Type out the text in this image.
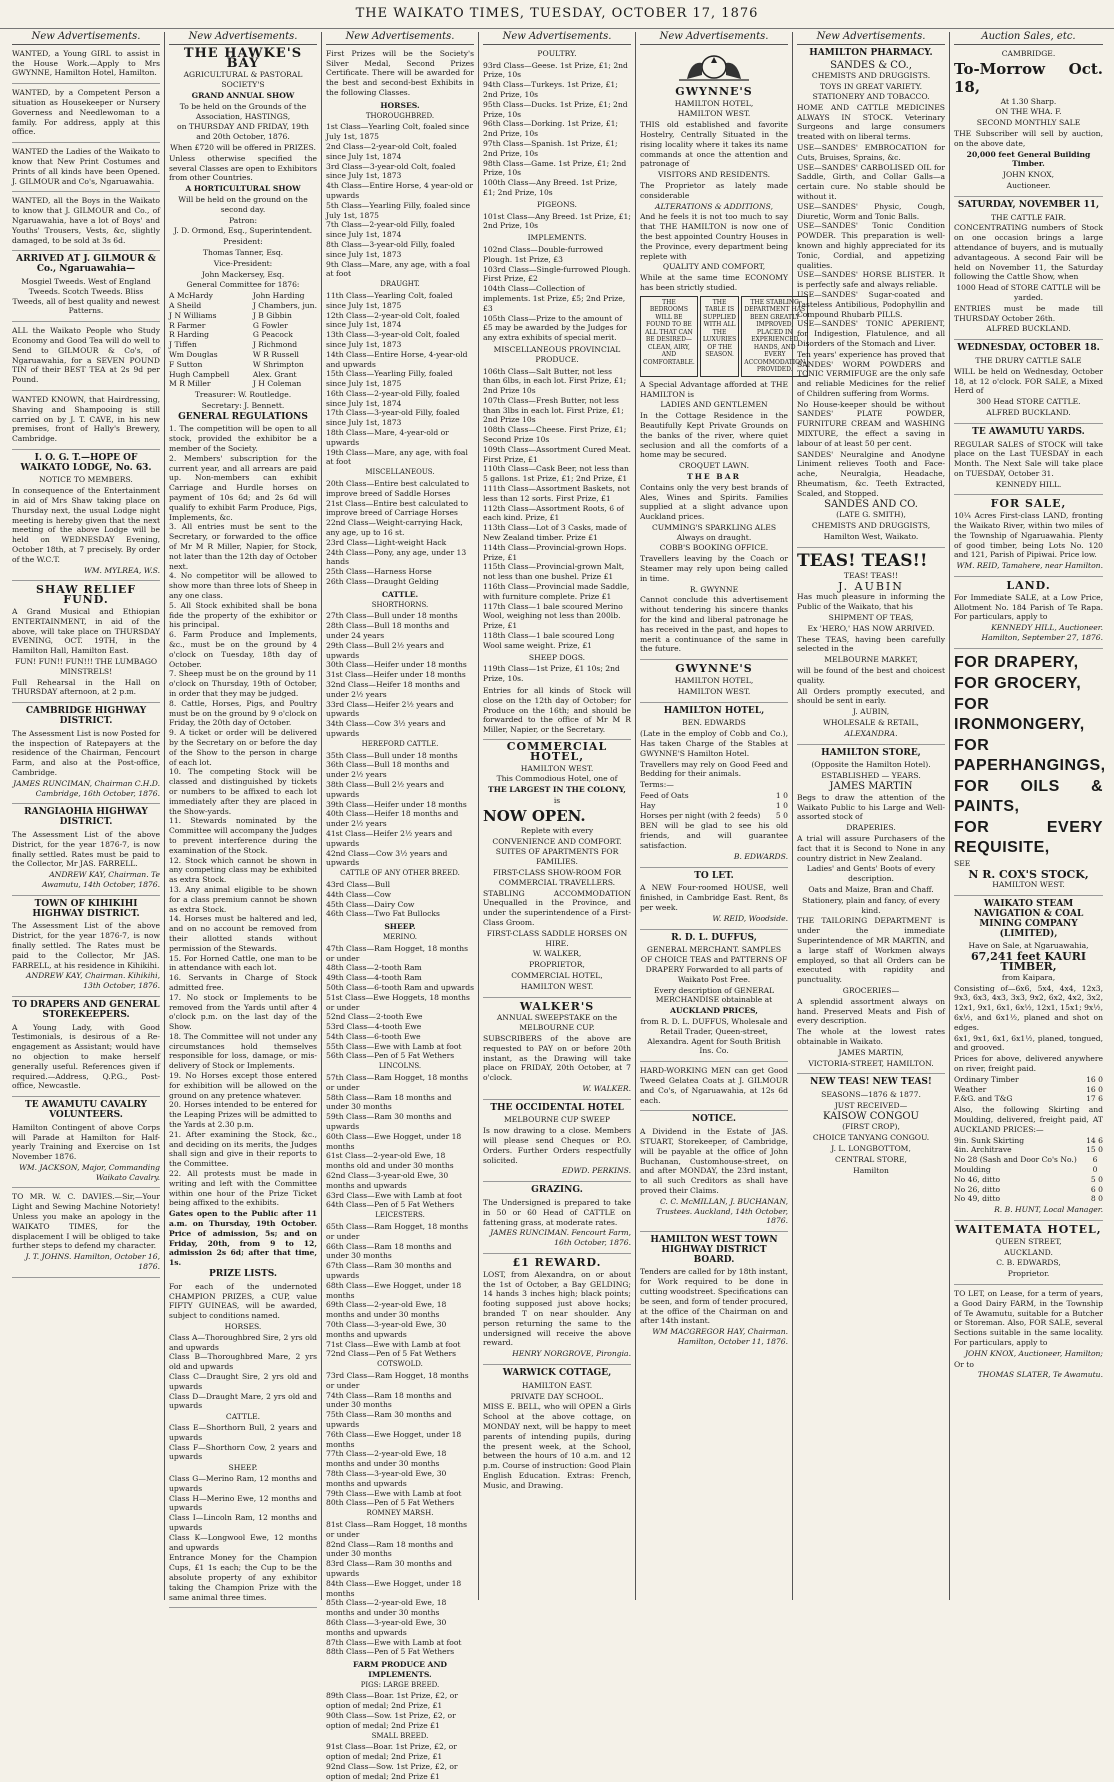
THE WAIKATO TIMES, TUESDAY, OCTOBER 17, 1876
New Advertisements.

WANTED, a Young GIRL to assist in the House Work.—Apply to Mrs GWYNNE, Hamilton Hotel, Hamilton.

WANTED, by a Competent Person a situation as Housekeeper or Nursery Governess and Needlewoman to a family. For address, apply at this office.

WANTED the Ladies of the Waikato to know that New Print Costumes and Prints of all kinds have been Opened. J. GILMOUR and Co's, Ngaruawahia.

WANTED, all the Boys in the Waikato to know that J. GILMOUR and Co., of Ngaruawahia, have a lot of Boys' and Youths' Trousers, Vests, &c, slightly damaged, to be sold at 3s 6d.

ARRIVED AT J. GILMOUR & Co., Ngaruawahia—

Mosgiel Tweeds. West of England Tweeds. Scotch Tweeds. Bliss Tweeds, all of best quality and newest Patterns.

ALL the Waikato People who Study Economy and Good Tea will do well to Send to GILMOUR & Co's, of Ngaruawahia, for a SEVEN POUND TIN of their BEST TEA at 2s 9d per Pound.

WANTED KNOWN, that Hairdressing, Shaving and Shampooing is still carried on by J. T. CAVE, in his new premises, front of Hally's Brewery, Cambridge.

I. O. G. T.—HOPE OF WAIKATO LODGE, No. 63.

NOTICE TO MEMBERS.

In consequence of the Entertainment in aid of Mrs Shaw taking place on Thursday next, the usual Lodge night meeting is hereby given that the next meeting of the above Lodge will be held on WEDNESDAY Evening, October 18th, at 7 precisely. By order of the W.C.T.

WM. MYLREA, W.S.

SHAW RELIEF FUND.

A Grand Musical and Ethiopian ENTERTAINMENT, in aid of the above, will take place on THURSDAY EVENING, OCT. 19TH, in the Hamilton Hall, Hamilton East.

FUN! FUN!! FUN!!! THE LUMBAGO MINSTRELS!

Full Rehearsal in the Hall on THURSDAY afternoon, at 2 p.m.

CAMBRIDGE HIGHWAY DISTRICT.

The Assessment List is now Posted for the inspection of Ratepayers at the residence of the Chairman, Fencourt Farm, and also at the Post-office, Cambridge.

JAMES RUNCIMAN, Chairman C.H.D. Cambridge, 16th October, 1876.

RANGIAOHIA HIGHWAY DISTRICT.

The Assessment List of the above District, for the year 1876-7, is now finally settled. Rates must be paid to the Collector, Mr JAS. FARRELL.

ANDREW KAY, Chairman. Te Awamutu, 14th October, 1876.

TOWN OF KIHIKIHI HIGHWAY DISTRICT.

The Assessment List of the above District, for the year 1876-7, is now finally settled. The Rates must be paid to the Collector, Mr JAS. FARRELL, at his residence in Kihikihi.

ANDREW KAY, Chairman. Kihikihi, 13th October, 1876.

TO DRAPERS AND GENERAL STOREKEEPERS.

A Young Lady, with Good Testimonials, is desirous of a Re-engagement as Assistant; would have no objection to make herself generally useful. References given if required.—Address, Q.P.G., Post-office, Newcastle.

TE AWAMUTU CAVALRY VOLUNTEERS.

Hamilton Contingent of above Corps will Parade at Hamilton for Half-yearly Training and Exercise on 1st November 1876.

WM. JACKSON, Major, Commanding Waikato Cavalry.

TO MR. W. C. DAVIES.—Sir,—Your Light and Sewing Machine Notoriety! Unless you make an apology in the WAIKATO TIMES, for the displacement I will be obliged to take further steps to defend my character.

J. T. JOHNS. Hamilton, October 16, 1876.

New Advertisements.
THE HAWKE'S BAY

AGRICULTURAL & PASTORAL SOCIETY'S

GRAND ANNUAL SHOW

To be held on the Grounds of the Association, HASTINGS,

on THURSDAY AND FRIDAY, 19th and 20th October, 1876.

When £720 will be offered in PRIZES.

Unless otherwise specified the several Classes are open to Exhibitors from other Countries.

A HORTICULTURAL SHOW

Will be held on the ground on the second day.

Patron:

J. D. Ormond, Esq., Superintendent.

President:

Thomas Tanner, Esq.

Vice-President:

John Mackersey, Esq.

General Committee for 1876:

A McHardy

A Sheild

J N Williams

R Farmer

R Harding

J Tiffen

Wm Douglas

F Sutton

Hugh Campbell

M R Miller

John Harding

J Chambers, jun.

J B Gibbin

G Fowler

G Peacock

J Richmond

W R Russell

W Shrimpton

Alex. Grant

J H Coleman

Treasurer: W. Routledge.

Secretary: J. Bennett.

GENERAL REGULATIONS

1. The competition will be open to all stock, provided the exhibitor be a member of the Society.

2. Members' subscription for the current year, and all arrears are paid up. Non-members can exhibit Carriage and Hurdle horses on payment of 10s 6d; and 2s 6d will qualify to exhibit Farm Produce, Pigs, Implements, &c.

3. All entries must be sent to the Secretary, or forwarded to the office of Mr M R Miller, Napier, for Stock, not later than the 12th day of October next.

4. No competitor will be allowed to show more than three lots of Sheep in any one class.

5. All Stock exhibited shall be bona fide the property of the exhibitor or his principal.

6. Farm Produce and Implements, &c., must be on the ground by 4 o'clock on Tuesday, 18th day of October.

7. Sheep must be on the ground by 11 o'clock on Thursday, 19th of October, in order that they may be judged.

8. Cattle, Horses, Pigs, and Poultry must be on the ground by 9 o'clock on Friday, the 20th day of October.

9. A ticket or order will be delivered by the Secretary on or before the day of the Show to the person in charge of each lot.

10. The competing Stock will be classed and distinguished by tickets or numbers to be affixed to each lot immediately after they are placed in the Show-yards.

11. Stewards nominated by the Committee will accompany the Judges to prevent interference during the examination of the Stock.

12. Stock which cannot be shown in any competing class may be exhibited as extra Stock.

13. Any animal eligible to be shown for a class premium cannot be shown as extra Stock.

14. Horses must be haltered and led, and on no account be removed from their allotted stands without permission of the Stewards.

15. For Horned Cattle, one man to be in attendance with each lot.

16. Servants in Charge of Stock admitted free.

17. No stock or Implements to be removed from the Yards until after 4 o'clock p.m. on the last day of the Show.

18. The Committee will not under any circumstances hold themselves responsible for loss, damage, or mis-delivery of Stock or Implements.

19. No Horses except those entered for exhibition will be allowed on the ground on any pretence whatever.

20. Horses intended to be entered for the Leaping Prizes will be admitted to the Yards at 2.30 p.m.

21. After examining the Stock, &c., and deciding on its merits, the Judges shall sign and give in their reports to the Committee.

22. All protests must be made in writing and left with the Committee within one hour of the Prize Ticket being affixed to the exhibits.

Gates open to the Public after 11 a.m. on Thursday, 19th October. Price of admission, 5s; and on Friday, 20th, from 9 to 12, admission 2s 6d; after that time, 1s.

PRIZE LISTS.

For each of the undernoted CHAMPION PRIZES, a CUP, value FIFTY GUINEAS, will be awarded, subject to conditions named.

HORSES.

Class A—Thoroughbred Sire, 2 yrs old and upwards

Class B—Thoroughbred Mare, 2 yrs old and upwards

Class C—Draught Sire, 2 yrs old and upwards

Class D—Draught Mare, 2 yrs old and upwards

CATTLE.

Class E—Shorthorn Bull, 2 years and upwards

Class F—Shorthorn Cow, 2 years and upwards

SHEEP.

Class G—Merino Ram, 12 months and upwards

Class H—Merino Ewe, 12 months and upwards

Class I—Lincoln Ram, 12 months and upwards

Class K—Longwool Ewe, 12 months and upwards

Entrance Money for the Champion Cups, £1 1s each; the Cup to be the absolute property of any exhibitor taking the Champion Prize with the same animal three times.

New Advertisements.

First Prizes will be the Society's Silver Medal, Second Prizes Certificate. There will be awarded for the best and second-best Exhibits in the following Classes.

HORSES.

THOROUGHBRED.

1st Class—Yearling Colt, foaled since July 1st, 1875

2nd Class—2-year-old Colt, foaled since July 1st, 1874

3rd Class—3-year-old Colt, foaled since July 1st, 1873

4th Class—Entire Horse, 4 year-old or upwards

5th Class—Yearling Filly, foaled since July 1st, 1875

7th Class—2-year-old Filly, foaled since July 1st, 1874

8th Class—3-year-old Filly, foaled since July 1st, 1873

9th Class—Mare, any age, with a foal at foot

DRAUGHT.

11th Class—Yearling Colt, foaled since July 1st, 1875

12th Class—2-year-old Colt, foaled since July 1st, 1874

13th Class—3-year-old Colt, foaled since July 1st, 1873

14th Class—Entire Horse, 4-year-old and upwards

15th Class—Yearling Filly, foaled since July 1st, 1875

16th Class—2-year-old Filly, foaled since July 1st, 1874

17th Class—3-year-old Filly, foaled since July 1st, 1873

18th Class—Mare, 4-year-old or upwards

19th Class—Mare, any age, with foal at foot

MISCELLANEOUS.

20th Class—Entire best calculated to improve breed of Saddle Horses

21st Class—Entire best calculated to improve breed of Carriage Horses

22nd Class—Weight-carrying Hack, any age, up to 16 st.

23rd Class—Light-weight Hack

24th Class—Pony, any age, under 13 hands

25th Class—Harness Horse

26th Class—Draught Gelding

CATTLE.

SHORTHORNS.

27th Class—Bull under 18 months

28th Class—Bull 18 months and under 24 years

29th Class—Bull 2½ years and upwards

30th Class—Heifer under 18 months

31st Class—Heifer under 18 months

32nd Class—Heifer 18 months and under 2½ years

33rd Class—Heifer 2½ years and upwards

34th Class—Cow 3½ years and upwards

HEREFORD CATTLE.

35th Class—Bull under 18 months

36th Class—Bull 18 months and under 2½ years

38th Class—Bull 2½ years and upwards

39th Class—Heifer under 18 months

40th Class—Heifer 18 months and under 2½ years

41st Class—Heifer 2½ years and upwards

42nd Class—Cow 3½ years and upwards

CATTLE OF ANY OTHER BREED.

43rd Class—Bull

44th Class—Cow

45th Class—Dairy Cow

46th Class—Two Fat Bullocks

SHEEP.

MERINO.

47th Class—Ram Hogget, 18 months or under

48th Class—2-tooth Ram

49th Class—4-tooth Ram

50th Class—6-tooth Ram and upwards

51st Class—Ewe Hoggets, 18 months or under

52nd Class—2-tooth Ewe

53rd Class—4-tooth Ewe

54th Class—6-tooth Ewe

55th Class—Ewe with Lamb at foot

56th Class—Pen of 5 Fat Wethers

LINCOLNS.

57th Class—Ram Hogget, 18 months or under

58th Class—Ram 18 months and under 30 months

59th Class—Ram 30 months and upwards

60th Class—Ewe Hogget, under 18 months

61st Class—2-year-old Ewe, 18 months old and under 30 months

62nd Class—3-year-old Ewe, 30 months and upwards

63rd Class—Ewe with Lamb at foot

64th Class—Pen of 5 Fat Wethers

LEICESTERS.

65th Class—Ram Hogget, 18 months or under

66th Class—Ram 18 months and under 30 months

67th Class—Ram 30 months and upwards

68th Class—Ewe Hogget, under 18 months

69th Class—2-year-old Ewe, 18 months and under 30 months

70th Class—3-year-old Ewe, 30 months and upwards

71st Class—Ewe with Lamb at foot

72nd Class—Pen of 5 Fat Wethers

COTSWOLD.

73rd Class—Ram Hogget, 18 months or under

74th Class—Ram 18 months and under 30 months

75th Class—Ram 30 months and upwards

76th Class—Ewe Hogget, under 18 months

77th Class—2-year-old Ewe, 18 months and under 30 months

78th Class—3-year-old Ewe, 30 months and upwards

79th Class—Ewe with Lamb at foot

80th Class—Pen of 5 Fat Wethers

ROMNEY MARSH.

81st Class—Ram Hogget, 18 months or under

82nd Class—Ram 18 months and under 30 months

83rd Class—Ram 30 months and upwards

84th Class—Ewe Hogget, under 18 months

85th Class—2-year-old Ewe, 18 months and under 30 months

86th Class—3-year-old Ewe, 30 months and upwards

87th Class—Ewe with Lamb at foot

88th Class—Pen of 5 Fat Wethers

FARM PRODUCE AND IMPLEMENTS.

PIGS: LARGE BREED.

89th Class—Boar. 1st Prize, £2, or option of medal; 2nd Prize, £1

90th Class—Sow. 1st Prize, £2, or option of medal; 2nd Prize £1

SMALL BREED.

91st Class—Boar. 1st Prize, £2, or option of medal; 2nd Prize, £1

92nd Class—Sow. 1st Prize, £2, or option of medal; 2nd Prize £1

New Advertisements.

POULTRY.

93rd Class—Geese. 1st Prize, £1; 2nd Prize, 10s

94th Class—Turkeys. 1st Prize, £1; 2nd Prize, 10s

95th Class—Ducks. 1st Prize, £1; 2nd Prize, 10s

96th Class—Dorking. 1st Prize, £1; 2nd Prize, 10s

97th Class—Spanish. 1st Prize, £1; 2nd Prize, 10s

98th Class—Game. 1st Prize, £1; 2nd Prize, 10s

100th Class—Any Breed. 1st Prize, £1; 2nd Prize, 10s

PIGEONS.

101st Class—Any Breed. 1st Prize, £1; 2nd Prize, 10s

IMPLEMENTS.

102nd Class—Double-furrowed Plough. 1st Prize, £3

103rd Class—Single-furrowed Plough. First Prize, £2

104th Class—Collection of implements. 1st Prize, £5; 2nd Prize, £3

105th Class—Prize to the amount of £5 may be awarded by the Judges for any extra exhibits of special merit.

MISCELLANEOUS PROVINCIAL PRODUCE.

106th Class—Salt Butter, not less than 6lbs, in each lot. First Prize, £1; 2nd Prize 10s

107th Class—Fresh Butter, not less than 3lbs in each lot. First Prize, £1; 2nd Prize 10s

108th Class—Cheese. First Prize, £1; Second Prize 10s

109th Class—Assortment Cured Meat. First Prize, £1

110th Class—Cask Beer, not less than 5 gallons. 1st Prize, £1; 2nd Prize, £1

111th Class—Assortment Baskets, not less than 12 sorts. First Prize, £1

112th Class—Assortment Roots, 6 of each kind. Prize, £1

113th Class—Lot of 3 Casks, made of New Zealand timber. Prize £1

114th Class—Provincial-grown Hops. Prize, £1

115th Class—Provincial-grown Malt, not less than one bushel. Prize £1

116th Class—Provincial made Saddle, with furniture complete. Prize £1

117th Class—1 bale scoured Merino Wool, weighing not less than 200lb. Prize, £1

118th Class—1 bale scoured Long Wool same weight. Prize, £1

SHEEP DOGS.

119th Class—1st Prize, £1 10s; 2nd Prize, 10s.

Entries for all kinds of Stock will close on the 12th day of October; for Produce on the 16th; and should be forwarded to the office of Mr M R Miller, Napier, or the Secretary.

COMMERCIAL HOTEL,

HAMILTON WEST.

This Commodious Hotel, one of

THE LARGEST IN THE COLONY,

is

NOW OPEN.

Replete with every

CONVENIENCE AND COMFORT.

SUITES OF APARTMENTS FOR FAMILIES.

FIRST-CLASS SHOW-ROOM FOR COMMERCIAL TRAVELLERS.

STABLING ACCOMMODATION Unequalled in the Province, and under the superintendence of a First-Class Groom.

FIRST-CLASS SADDLE HORSES ON HIRE.

W. WALKER,

PROPRIETOR,

COMMERCIAL HOTEL,

HAMILTON WEST.

WALKER'S

ANNUAL SWEEPSTAKE on the MELBOURNE CUP.

SUBSCRIBERS of the above are requested to PAY on or before 20th instant, as the Drawing will take place on FRIDAY, 20th October, at 7 o'clock.

W. WALKER.

THE OCCIDENTAL HOTEL

MELBOURNE CUP SWEEP

Is now drawing to a close. Members will please send Cheques or P.O. Orders. Further Orders respectfully solicited.

EDWD. PERKINS.

GRAZING.

The Undersigned is prepared to take in 50 or 60 Head of CATTLE on fattening grass, at moderate rates.

JAMES RUNCIMAN. Fencourt Farm, 16th October, 1876.

£1 REWARD.

LOST, from Alexandra, on or about the 1st of October, a Bay GELDING; 14 hands 3 inches high; black points; footing supposed just above hocks; branded T on near shoulder. Any person returning the same to the undersigned will receive the above reward.

HENRY NORGROVE, Pirongia.

WARWICK COTTAGE,

HAMILTON EAST.

PRIVATE DAY SCHOOL.

MISS E. BELL, who will OPEN a Girls School at the above cottage, on MONDAY next, will be happy to meet parents of intending pupils, during the present week, at the School, between the hours of 10 a.m. and 12 p.m. Course of instruction: Good Plain English Education. Extras: French, Music, and Drawing.

New Advertisements.
GWYNNE'S

HAMILTON HOTEL,

HAMILTON WEST.

THIS old established and favorite Hostelry, Centrally Situated in the rising locality where it takes its name commands at once the attention and patronage of

VISITORS AND RESIDENTS.

The Proprietor as lately made considerable

ALTERATIONS & ADDITIONS,

And he feels it is not too much to say that THE HAMILTON is now one of the best appointed Country Houses in the Province, every department being replete with

QUALITY AND COMFORT,

While at the same time ECONOMY has been strictly studied.

THE BEDROOMS WILL BE FOUND TO BE ALL THAT CAN BE DESIRED—CLEAN, AIRY, AND COMFORTABLE.
THE TABLE IS SUPPLIED WITH ALL THE LUXURIES OF THE SEASON.
THE STABLING DEPARTMENT HAS BEEN GREATLY IMPROVED, PLACED IN EXPERIENCED HANDS, AND EVERY ACCOMMODATION PROVIDED.

A Special Advantage afforded at THE HAMILTON is

LADIES AND GENTLEMEN

In the Cottage Residence in the Beautifully Kept Private Grounds on the banks of the river, where quiet seclusion and all the comforts of a home may be secured.

CROQUET LAWN.

THE BAR

Contains only the very best brands of Ales, Wines and Spirits. Families supplied at a slight advance upon Auckland prices.

CUMMING'S SPARKLING ALES Always on draught.

COBB'S BOOKING OFFICE.

Travellers leaving by the Coach or Steamer may rely upon being called in time.

R. GWYNNE

Cannot conclude this advertisement without tendering his sincere thanks for the kind and liberal patronage he has received in the past, and hopes to merit a continuance of the same in the future.

GWYNNE'S

HAMILTON HOTEL,

HAMILTON WEST.

HAMILTON HOTEL,

BEN. EDWARDS

(Late in the employ of Cobb and Co.), Has taken Charge of the Stables at GWYNNE'S Hamilton Hotel.

Travellers may rely on Good Feed and Bedding for their animals.

Terms:—

Feed of Oats	1 0
Hay	1 0
Horses per night (with 2 feeds) 5 0

BEN will be glad to see his old friends, and will guarantee satisfaction.

B. EDWARDS.

TO LET.

A NEW Four-roomed HOUSE, well finished, in Cambridge East. Rent, 8s per week.

W. REID, Woodside.

R. D. L. DUFFUS,

GENERAL MERCHANT. SAMPLES OF CHOICE TEAS and PATTERNS OF DRAPERY Forwarded to all parts of Waikato Post Free.

Every description of GENERAL MERCHANDISE obtainable at

AUCKLAND PRICES,

from R. D. L. DUFFUS, Wholesale and Retail Trader, Queen-street, Alexandra. Agent for South British Ins. Co.

HARD-WORKING MEN can get Good Tweed Gelatea Coats at J. GILMOUR and Co's, of Ngaruawahia, at 12s 6d each.

NOTICE.

A Dividend in the Estate of JAS. STUART, Storekeeper, of Cambridge, will be payable at the office of John Buchanan, Customhouse-street, on and after MONDAY, the 23rd instant, to all such Creditors as shall have proved their Claims.

C. C. McMILLAN, J. BUCHANAN, Trustees. Auckland, 14th October, 1876.

HAMILTON WEST TOWN HIGHWAY DISTRICT BOARD.

Tenders are called for by 18th instant, for Work required to be done in cutting woodstreet. Specifications can be seen, and form of tender procured, at the office of the Chairman on and after 14th instant.

WM MACGREGOR HAY, Chairman. Hamilton, October 11, 1876.

New Advertisements.
HAMILTON PHARMACY.

SANDES & CO.,

CHEMISTS AND DRUGGISTS.

TOYS IN GREAT VARIETY. STATIONERY AND TOBACCO.

HOME AND CATTLE MEDICINES ALWAYS IN STOCK. Veterinary Surgeons and large consumers treated with on liberal terms.

USE—SANDES' EMBROCATION for Cuts, Bruises, Sprains, &c.

USE—SANDES' CARBOLISED OIL for Saddle, Girth, and Collar Galls—a certain cure. No stable should be without it.

USE—SANDES' Physic, Cough, Diuretic, Worm and Tonic Balls.

USE—SANDES' Tonic Condition POWDER. This preparation is well-known and highly appreciated for its Tonic, Cordial, and appetizing qualities.

USE—SANDES' HORSE BLISTER. It is perfectly safe and always reliable.

USE—SANDES' Sugar-coated and Tasteless Antibilious, Podophyllin and Compound Rhubarb PILLS.

USE—SANDES' TONIC APERIENT, for Indigestion, Flatulence, and all Disorders of the Stomach and Liver.

Ten years' experience has proved that SANDES' WORM POWDERS and TONIC VERMIFUGE are the only safe and reliable Medicines for the relief of Children suffering from Worms.

No House-keeper should be without SANDES' PLATE POWDER, FURNITURE CREAM and WASHING MIXTURE, the effect a saving in labour of at least 50 per cent.

SANDES' Neuralgine and Anodyne Liniment relieves Tooth and Face-ache, Neuralgia, Headache, Rheumatism, &c. Teeth Extracted, Scaled, and Stopped.

SANDES AND CO.

(LATE G. SMITH),

CHEMISTS AND DRUGGISTS,

Hamilton West, Waikato.

TEAS! TEAS!!

TEAS! TEAS!!

J. AUBIN

Has much pleasure in informing the Public of the Waikato, that his

SHIPMENT OF TEAS,

Ex 'HERO,' HAS NOW ARRIVED.

These TEAS, having been carefully selected in the

MELBOURNE MARKET,

will be found of the best and choicest quality.

All Orders promptly executed, and should be sent in early.

J. AUBIN,

WHOLESALE & RETAIL,

ALEXANDRA.

HAMILTON STORE,

(Opposite the Hamilton Hotel).

ESTABLISHED — YEARS.

JAMES MARTIN

Begs to draw the attention of the Waikato Public to his Large and Well-assorted stock of

DRAPERIES.

A trial will assure Purchasers of the fact that it is Second to None in any country district in New Zealand.

Ladies' and Gents' Boots of every description.

Oats and Maize, Bran and Chaff.

Stationery, plain and fancy, of every kind.

THE TAILORING DEPARTMENT is under the immediate Superintendence of MR MARTIN, and a large staff of Workmen always employed, so that all Orders can be executed with rapidity and punctuality.

GROCERIES—

A splendid assortment always on hand. Preserved Meats and Fish of every description.

The whole at the lowest rates obtainable in Waikato.

JAMES MARTIN,

VICTORIA-STREET, HAMILTON.

NEW TEAS! NEW TEAS!

SEASONS—1876 & 1877.

JUST RECEIVED—

KAISOW CONGOU

(FIRST CROP),

CHOICE TANYANG CONGOU.

J. L. LONGBOTTOM,

CENTRAL STORE,

Hamilton

Auction Sales, etc.

CAMBRIDGE.

To-Morrow Oct. 18,

At 1.30 Sharp.

ON THE WHA. F.

SECOND MONTHLY SALE

THE Subscriber will sell by auction, on the above date,

20,000 feet General Building Timber.

JOHN KNOX,

Auctioneer.

SATURDAY, NOVEMBER 11,

THE CATTLE FAIR.

CONCENTRATING numbers of Stock on one occasion brings a large attendance of buyers, and is mutually advantageous. A second Fair will be held on November 11, the Saturday following the Cattle Show, when

1000 Head of STORE CATTLE will be yarded.

ENTRIES must be made till THURSDAY October 26th.

ALFRED BUCKLAND.

WEDNESDAY, OCTOBER 18.

THE DRURY CATTLE SALE

WILL be held on Wednesday, October 18, at 12 o'clock. FOR SALE, a Mixed Herd of

300 Head STORE CATTLE.

ALFRED BUCKLAND.

TE AWAMUTU YARDS.

REGULAR SALES of STOCK will take place on the Last TUESDAY in each Month. The Next Sale will take place on TUESDAY, October 31.

KENNEDY HILL.

FOR SALE,

10¼ Acres First-class LAND, fronting the Waikato River, within two miles of the Township of Ngaruawahia. Plenty of good timber, being Lots No. 120 and 121, Parish of Pipiwai. Price low.

WM. REID, Tamahere, near Hamilton.

LAND.

For Immediate SALE, at a Low Price, Allotment No. 184 Parish of Te Rapa. For particulars, apply to

KENNEDY HILL, Auctioneer. Hamilton, September 27, 1876.

FOR DRAPERY,

FOR GROCERY,

FOR IRONMONGERY,

FOR PAPERHANGINGS,

FOR OILS & PAINTS,

FOR EVERY REQUISITE,

SEE

N R. COX'S STOCK,

HAMILTON WEST.

WAIKATO STEAM NAVIGATION & COAL MINING COMPANY (LIMITED),

Have on Sale, at Ngaruawahia,

67,241 feet KAURI TIMBER,

from Kaipara,

Consisting of—6x6, 5x4, 4x4, 12x3, 9x3, 6x3, 4x3, 3x3, 9x2, 6x2, 4x2, 3x2, 12x1, 9x1, 6x1, 6x½, 12x1, 15x1; 9x½, 6x½, and 6x1½, planed and shot on edges.

6x1, 9x1, 6x1, 6x1½, planed, tongued, and grooved.

Prices for above, delivered anywhere on river, freight paid.

Ordinary Timber	16 0
Weather	16 0
F.&G. and T&G	17 6

Also, the following Skirting and Moulding, delivered, freight paid, AT AUCKLAND PRICES:—

9in. Sunk Skirting	14 6
4in. Architrave	15 0
No 28 (Sash and Door Co's No.) Moulding
6 0
No 46, ditto	5 0
No 26, ditto	6 0
No 49, ditto	8 0

R. B. HUNT, Local Manager.

WAITEMATA HOTEL,

QUEEN STREET,

AUCKLAND.

C. B. EDWARDS,

Proprietor.

TO LET, on Lease, for a term of years, a Good Dairy FARM, in the Township of Te Awamutu, suitable for a Butcher or Storeman. Also, FOR SALE, several Sections suitable in the same locality. For particulars, apply to

JOHN KNOX, Auctioneer, Hamilton;

Or to

THOMAS SLATER, Te Awamutu.
